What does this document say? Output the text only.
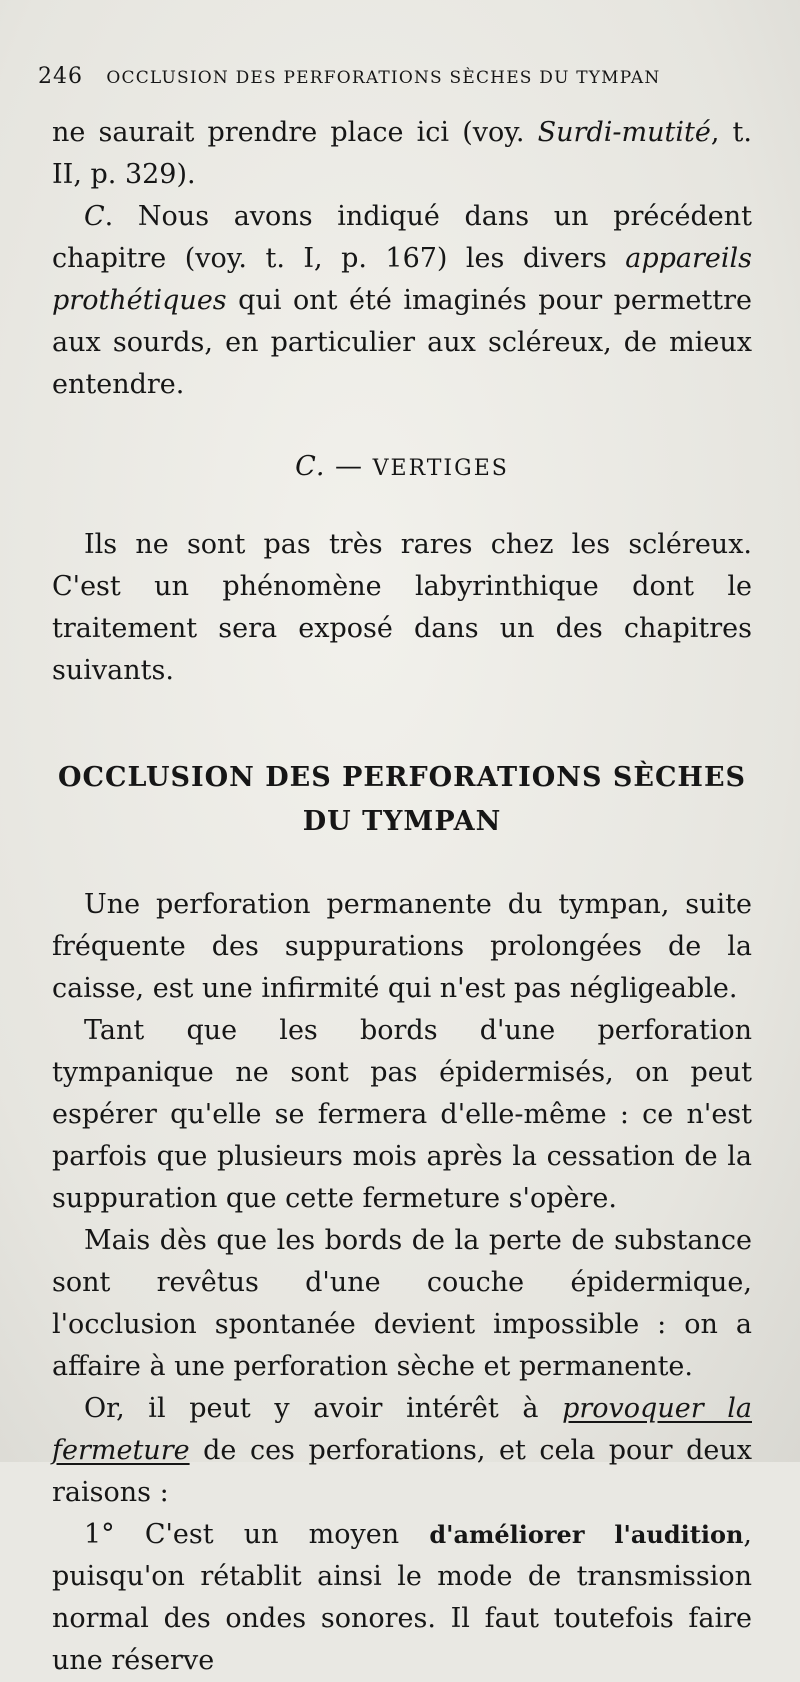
246 OCCLUSION DES PERFORATIONS SÈCHES DU TYMPAN

ne saurait prendre place ici (voy. Surdi-mutité, t. II, p. 329).

C. Nous avons indiqué dans un précédent chapitre (voy. t. I, p. 167) les divers appareils prothétiques qui ont été imaginés pour permettre aux sourds, en particulier aux scléreux, de mieux entendre.

C. — VERTIGES

Ils ne sont pas très rares chez les scléreux. C'est un phénomène labyrinthique dont le traitement sera exposé dans un des chapitres suivants.

OCCLUSION DES PERFORATIONS SÈCHES
DU TYMPAN

Une perforation permanente du tympan, suite fréquente des suppurations prolongées de la caisse, est une infirmité qui n'est pas négligeable.

Tant que les bords d'une perforation tympanique ne sont pas épidermisés, on peut espérer qu'elle se fermera d'elle-même : ce n'est parfois que plusieurs mois après la cessation de la suppuration que cette fermeture s'opère.

Mais dès que les bords de la perte de substance sont revêtus d'une couche épidermique, l'occlusion spontanée devient impossible : on a affaire à une perforation sèche et permanente.

Or, il peut y avoir intérêt à provoquer la fermeture de ces perforations, et cela pour deux raisons :

1° C'est un moyen d'améliorer l'audition, puisqu'on rétablit ainsi le mode de transmission normal des ondes sonores. Il faut toutefois faire une réserve
